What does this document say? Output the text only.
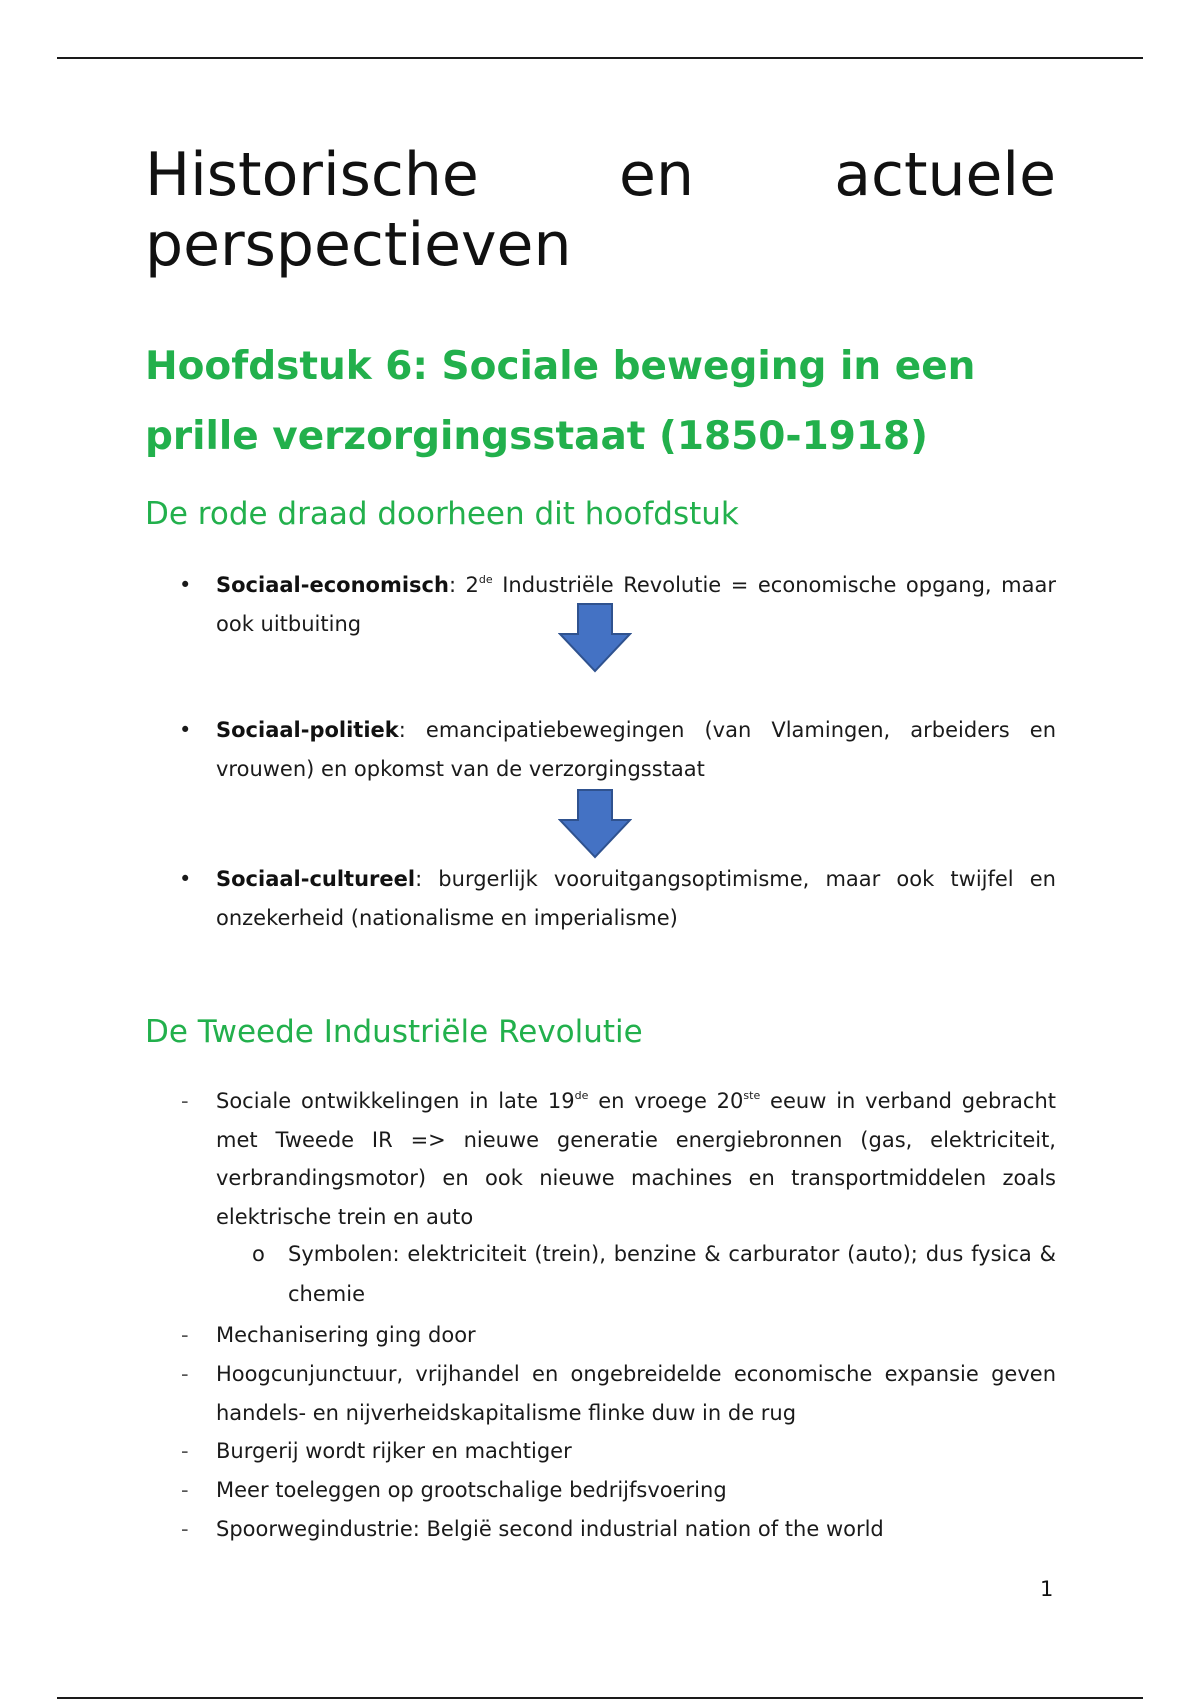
Historische en actuele perspectieven
Hoofdstuk 6: Sociale beweging in een prille verzorgingsstaat (1850-1918)
De rode draad doorheen dit hoofdstuk
• Sociaal-economisch: 2de Industriële Revolutie = economische opgang, maar ook uitbuiting
• Sociaal-politiek: emancipatiebewegingen (van Vlamingen, arbeiders en vrouwen) en opkomst van de verzorgingsstaat
• Sociaal-cultureel: burgerlijk vooruitgangsoptimisme, maar ook twijfel en onzekerheid (nationalisme en imperialisme)
De Tweede Industriële Revolutie
- Sociale ontwikkelingen in late 19de en vroege 20ste eeuw in verband gebracht met Tweede IR => nieuwe generatie energiebronnen (gas, elektriciteit, verbrandingsmotor) en ook nieuwe machines en transportmiddelen zoals elektrische trein en auto
o Symbolen: elektriciteit (trein), benzine & carburator (auto); dus fysica & chemie
- Mechanisering ging door
- Hoogcunjunctuur, vrijhandel en ongebreidelde economische expansie geven handels- en nijverheidskapitalisme flinke duw in de rug
- Burgerij wordt rijker en machtiger
- Meer toeleggen op grootschalige bedrijfsvoering
- Spoorwegindustrie: België second industrial nation of the world
1
